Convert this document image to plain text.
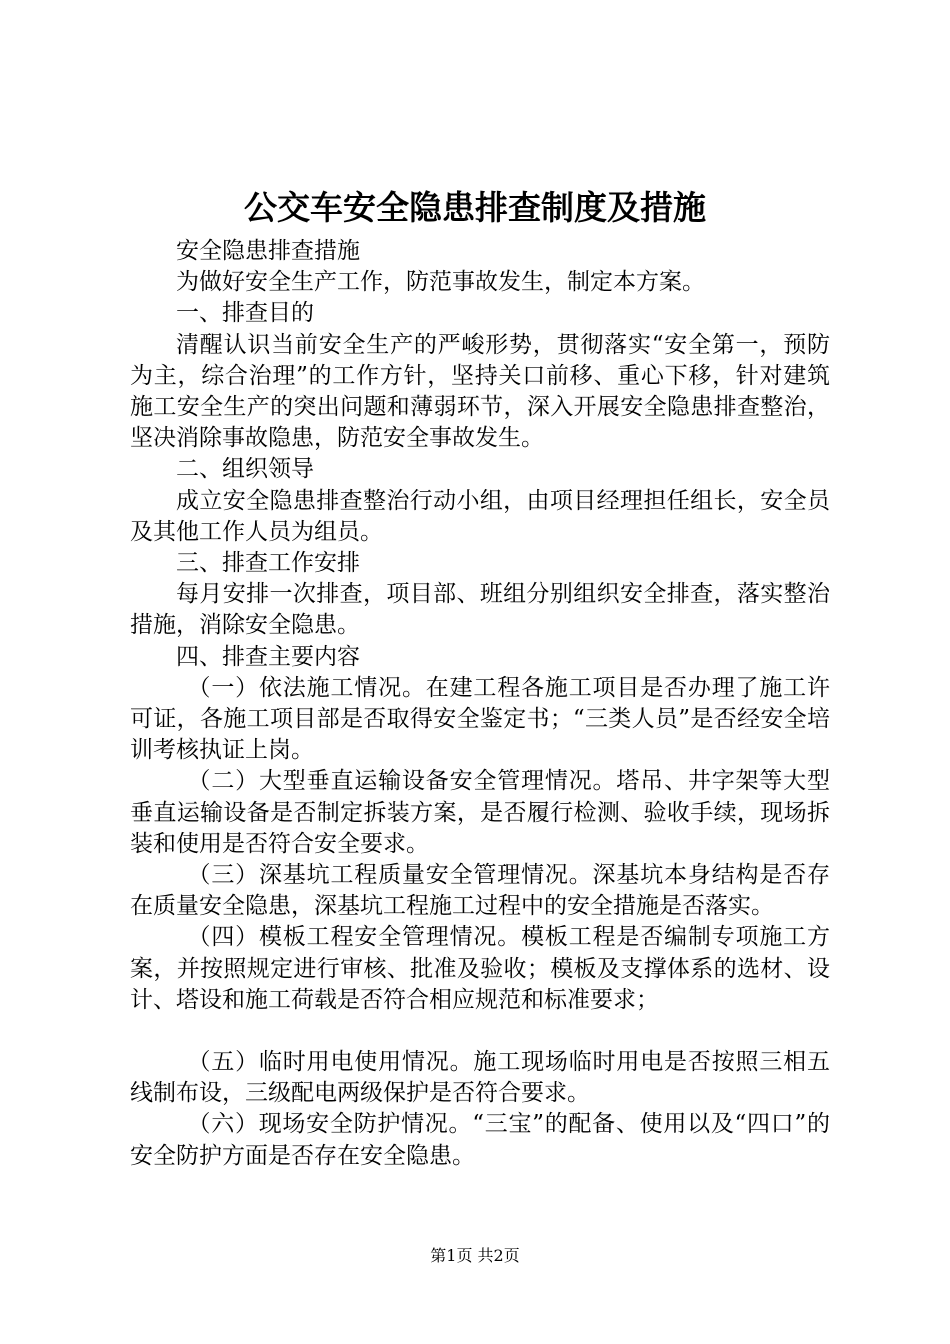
公交车安全隐患排查制度及措施

安全隐患排查措施

为做好安全生产工作，防范事故发生，制定本方案。

一、排查目的

清醒认识当前安全生产的严峻形势，贯彻落实“安全第一，预防为主，综合治理”的工作方针，坚持关口前移、重心下移，针对建筑施工安全生产的突出问题和薄弱环节，深入开展安全隐患排查整治，坚决消除事故隐患，防范安全事故发生。

二、组织领导

成立安全隐患排查整治行动小组，由项目经理担任组长，安全员及其他工作人员为组员。

三、排查工作安排

每月安排一次排查，项目部、班组分别组织安全排查，落实整治措施，消除安全隐患。

四、排查主要内容

（一）依法施工情况。在建工程各施工项目是否办理了施工许可证，各施工项目部是否取得安全鉴定书；“三类人员”是否经安全培训考核执证上岗。

（二）大型垂直运输设备安全管理情况。塔吊、井字架等大型垂直运输设备是否制定拆装方案，是否履行检测、验收手续，现场拆装和使用是否符合安全要求。

（三）深基坑工程质量安全管理情况。深基坑本身结构是否存在质量安全隐患，深基坑工程施工过程中的安全措施是否落实。

（四）模板工程安全管理情况。模板工程是否编制专项施工方案，并按照规定进行审核、批准及验收；模板及支撑体系的选材、设计、塔设和施工荷载是否符合相应规范和标准要求；

（五）临时用电使用情况。施工现场临时用电是否按照三相五线制布设，三级配电两级保护是否符合要求。

（六）现场安全防护情况。“三宝”的配备、使用以及“四口”的安全防护方面是否存在安全隐患。

第1页 共2页
